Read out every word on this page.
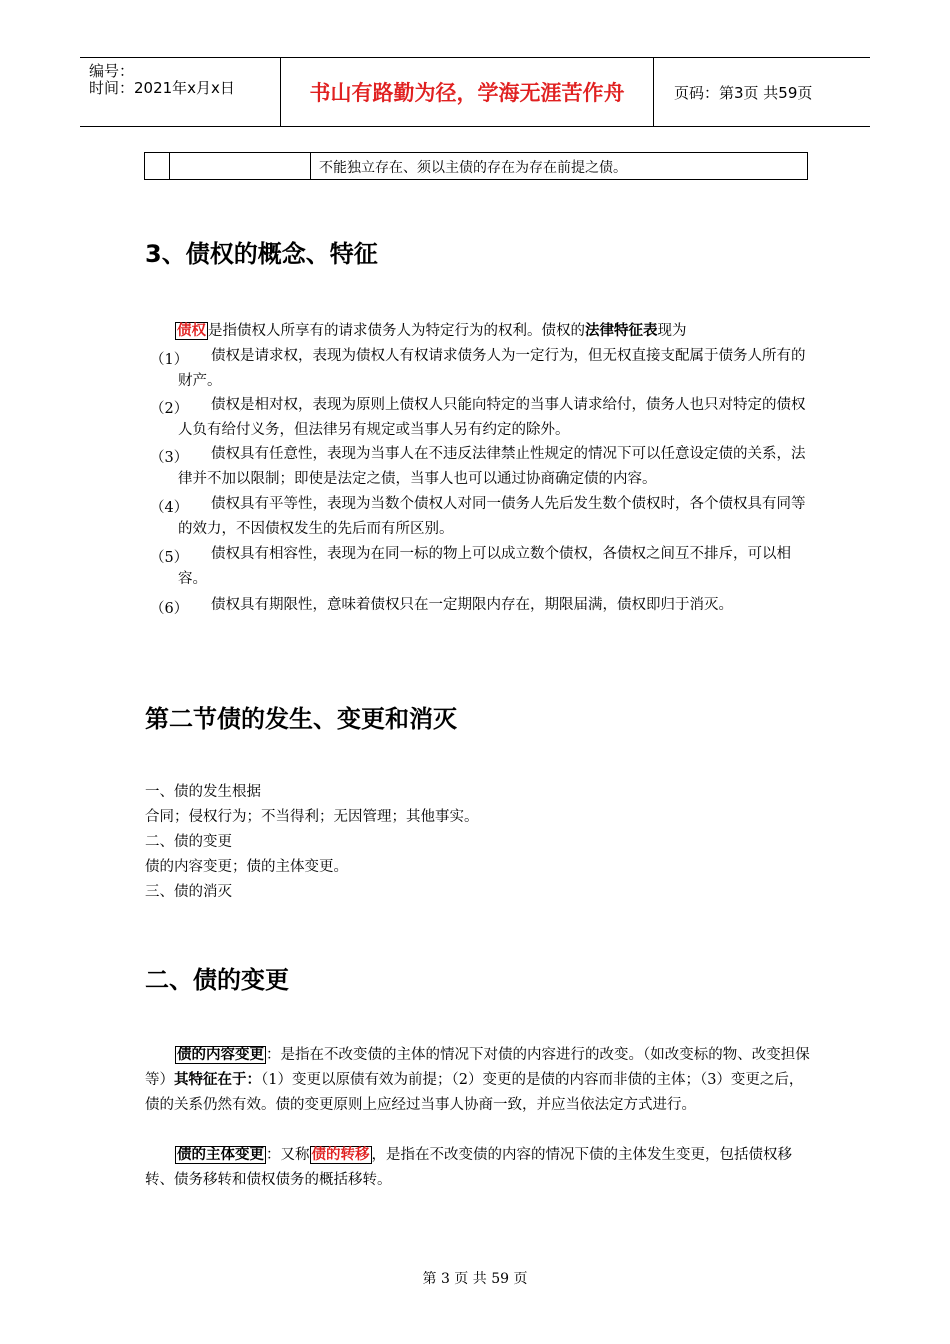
编号：
时间：2021年x月x日	书山有路勤为径，学海无涯苦作舟	页码：第3页 共59页
不能独立存在、须以主债的存在为存在前提之债。
3、债权的概念、特征
债权 是指债权人所享有的请求债务人为特定行为的权利。债权的法律特征表现为
（1）	债权是请求权，表现为债权人有权请求债务人为一定行为，但无权直接支配属于债务人所有的财产。
（2）	债权是相对权，表现为原则上债权人只能向特定的当事人请求给付，债务人也只对特定的债权人负有给付义务，但法律另有规定或当事人另有约定的除外。
（3）	债权具有任意性，表现为当事人在不违反法律禁止性规定的情况下可以任意设定债的关系，法律并不加以限制；即使是法定之债，当事人也可以通过协商确定债的内容。
（4）	债权具有平等性，表现为当数个债权人对同一债务人先后发生数个债权时，各个债权具有同等的效力，不因债权发生的先后而有所区别。
（5）	债权具有相容性，表现为在同一标的物上可以成立数个债权，各债权之间互不排斥，可以相容。
（6）	债权具有期限性，意味着债权只在一定期限内存在，期限届满，债权即归于消灭。
第二节债的发生、变更和消灭
一、债的发生根据
合同；侵权行为；不当得利；无因管理；其他事实。
二、债的变更
债的内容变更；债的主体变更。
三、债的消灭
二、债的变更
债的内容变更 ：是指在不改变债的主体的情况下对债的内容进行的改变。（如改变标的物、改变担保等）其特征在于：（1）变更以原债有效为前提；（2）变更的是债的内容而非债的主体；（3）变更之后，债的关系仍然有效。债的变更原则上应经过当事人协商一致，并应当依法定方式进行。
债的主体变更 ：又称 债的转移 ，是指在不改变债的内容的情况下债的主体发生变更，包括债权移转、债务移转和债权债务的概括移转。
第 3 页 共 59 页
